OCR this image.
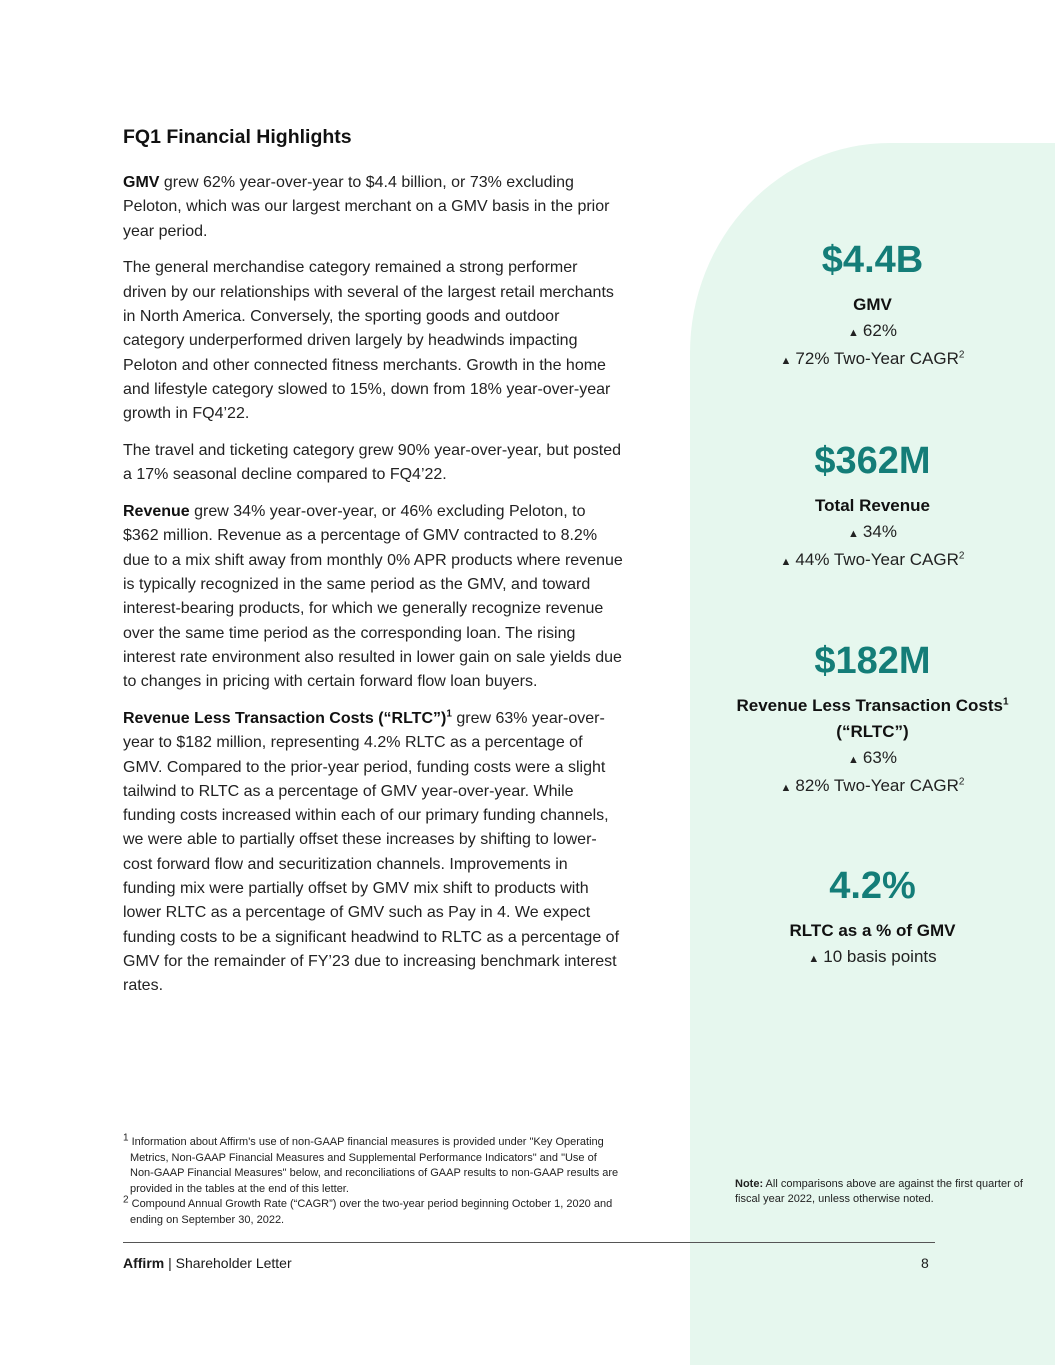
FQ1 Financial Highlights

GMV grew 62% year-over-year to $4.4 billion, or 73% excluding Peloton, which was our largest merchant on a GMV basis in the prior year period.

The general merchandise category remained a strong performer driven by our relationships with several of the largest retail merchants in North America. Conversely, the sporting goods and outdoor category underperformed driven largely by headwinds impacting Peloton and other connected fitness merchants. Growth in the home and lifestyle category slowed to 15%, down from 18% year-over-year growth in FQ4’22.

The travel and ticketing category grew 90% year-over-year, but posted a 17% seasonal decline compared to FQ4’22.

Revenue grew 34% year-over-year, or 46% excluding Peloton, to $362 million. Revenue as a percentage of GMV contracted to 8.2% due to a mix shift away from monthly 0% APR products where revenue is typically recognized in the same period as the GMV, and toward interest-bearing products, for which we generally recognize revenue over the same time period as the corresponding loan. The rising interest rate environment also resulted in lower gain on sale yields due to changes in pricing with certain forward flow loan buyers.

Revenue Less Transaction Costs (“RLTC”)$^1$ grew 63% year-over-year to $182 million, representing 4.2% RLTC as a percentage of GMV. Compared to the prior-year period, funding costs were a slight tailwind to RLTC as a percentage of GMV year-over-year. While funding costs increased within each of our primary funding channels, we were able to partially offset these increases by shifting to lower-cost forward flow and securitization channels. Improvements in funding mix were partially offset by GMV mix shift to products with lower RLTC as a percentage of GMV such as Pay in 4. We expect funding costs to be a significant headwind to RLTC as a percentage of GMV for the remainder of FY’23 due to increasing benchmark interest rates.

$4.4B
GMV
▲ 62%
▲ 72% Two-Year CAGR$^2$
$362M
Total Revenue
▲ 34%
▲ 44% Two-Year CAGR$^2$
$182M
Revenue Less Transaction Costs$^1$
(“RLTC”)
▲ 63%
▲ 82% Two-Year CAGR$^2$
4.2%
RLTC as a % of GMV
▲ 10 basis points
Note: All comparisons above are against the first quarter of fiscal year 2022, unless otherwise noted.
$^1$ Information about Affirm's use of non-GAAP financial measures is provided under "Key Operating Metrics, Non-GAAP Financial Measures and Supplemental Performance Indicators" and "Use of Non-GAAP Financial Measures" below, and reconciliations of GAAP results to non-GAAP results are provided in the tables at the end of this letter.
$^2$ Compound Annual Growth Rate (“CAGR”) over the two-year period beginning October 1, 2020 and ending on September 30, 2022.
Affirm | Shareholder Letter	8
